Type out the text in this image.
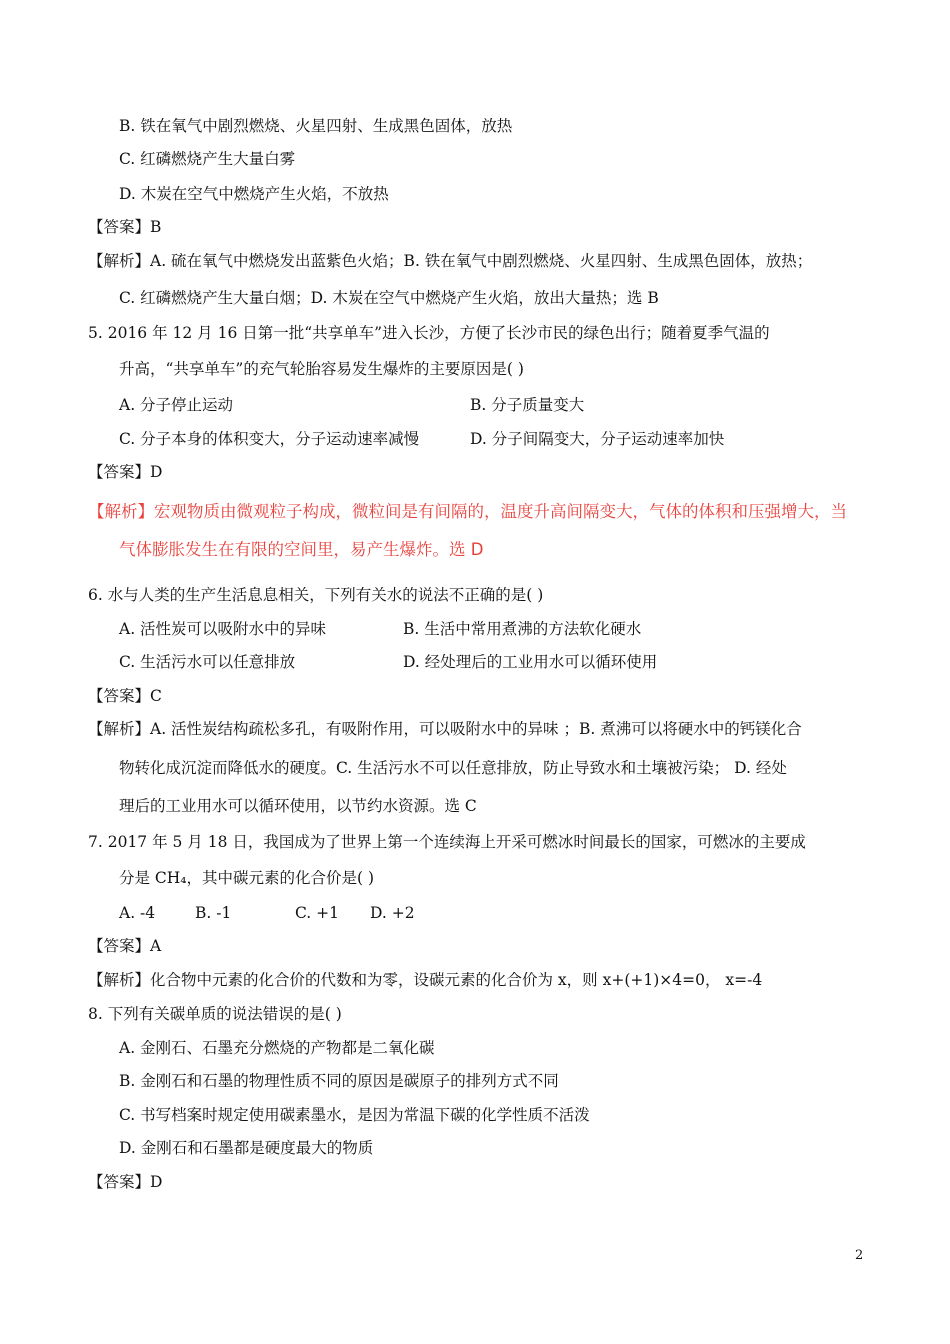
B. 铁在氧气中剧烈燃烧、火星四射、生成黑色固体，放热
C. 红磷燃烧产生大量白雾
D. 木炭在空气中燃烧产生火焰，不放热
【答案】B
【解析】A. 硫在氧气中燃烧发出蓝紫色火焰；B. 铁在氧气中剧烈燃烧、火星四射、生成黑色固体，放热；
C. 红磷燃烧产生大量白烟；D. 木炭在空气中燃烧产生火焰，放出大量热；选 B
5. 2016 年 12 月 16 日第一批“共享单车”进入长沙，方便了长沙市民的绿色出行；随着夏季气温的
升高，“共享单车”的充气轮胎容易发生爆炸的主要原因是( )
A. 分子停止运动	B. 分子质量变大
C. 分子本身的体积变大，分子运动速率减慢	D. 分子间隔变大，分子运动速率加快
【答案】D
【解析】宏观物质由微观粒子构成，微粒间是有间隔的，温度升高间隔变大，气体的体积和压强增大，当
气体膨胀发生在有限的空间里，易产生爆炸。选 D
6. 水与人类的生产生活息息相关，下列有关水的说法不正确的是( )
A. 活性炭可以吸附水中的异味	B. 生活中常用煮沸的方法软化硬水
C. 生活污水可以任意排放	D. 经处理后的工业用水可以循环使用
【答案】C
【解析】A. 活性炭结构疏松多孔，有吸附作用，可以吸附水中的异味 ；B. 煮沸可以将硬水中的钙镁化合
物转化成沉淀而降低水的硬度。C. 生活污水不可以任意排放，防止导致水和土壤被污染； D. 经处
理后的工业用水可以循环使用，以节约水资源。选 C
7. 2017 年 5 月 18 日，我国成为了世界上第一个连续海上开采可燃冰时间最长的国家，可燃冰的主要成
分是 CH₄，其中碳元素的化合价是( )
A. -4	B. -1	C. +1 D. +2
【答案】A
【解析】化合物中元素的化合价的代数和为零，设碳元素的化合价为 x，则 x+(+1)×4=0， x=-4
8. 下列有关碳单质的说法错误的是( )
A. 金刚石、石墨充分燃烧的产物都是二氧化碳
B. 金刚石和石墨的物理性质不同的原因是碳原子的排列方式不同
C. 书写档案时规定使用碳素墨水，是因为常温下碳的化学性质不活泼
D. 金刚石和石墨都是硬度最大的物质
【答案】D
2
